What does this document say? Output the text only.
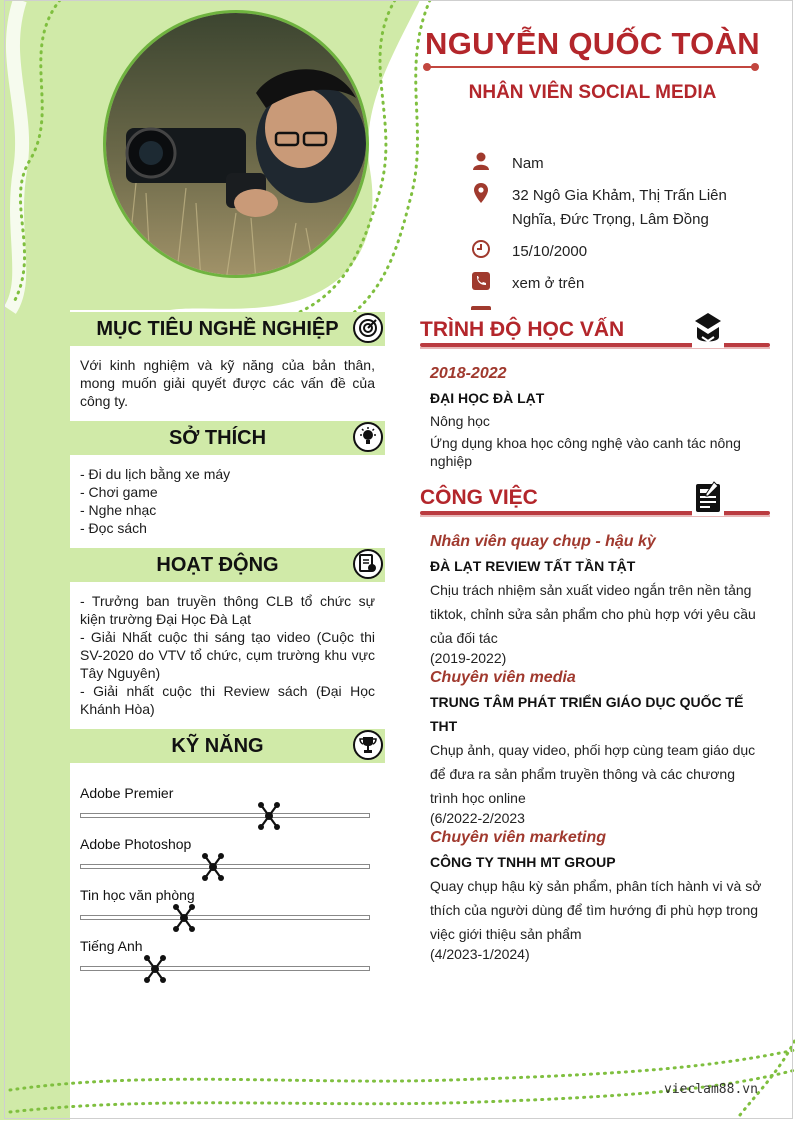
NGUYỄN QUỐC TOÀN
NHÂN VIÊN SOCIAL MEDIA
Nam
32 Ngô Gia Khảm, Thị Trấn Liên Nghĩa, Đức Trọng, Lâm Đồng
15/10/2000
xem ở trên
MỤC TIÊU NGHỀ NGHIỆP
Với kinh nghiệm và kỹ năng của bản thân, mong muốn giải quyết được các vấn đề của công ty.
SỞ THÍCH
- Đi du lịch bằng xe máy
- Chơi game
- Nghe nhạc
- Đọc sách
HOẠT ĐỘNG
- Trưởng ban truyền thông CLB tổ chức sự kiện trường Đại Học Đà Lạt
- Giải Nhất cuộc thi sáng tạo video (Cuộc thi SV-2020 do VTV tổ chức, cụm trường khu vực Tây Nguyên)
- Giải nhất cuộc thi Review sách (Đại Học Khánh Hòa)
KỸ NĂNG
Adobe Premier
Adobe Photoshop
Tin học văn phòng
Tiếng Anh
TRÌNH ĐỘ HỌC VẤN
2018-2022
ĐẠI HỌC ĐÀ LẠT
Nông học
Ứng dụng khoa học công nghệ vào canh tác nông nghiệp
CÔNG VIỆC
Nhân viên quay chụp - hậu kỳ
ĐÀ LẠT REVIEW TẤT TẦN TẬT
Chịu trách nhiệm sản xuất video ngắn trên nền tảng tiktok, chỉnh sửa sản phẩm cho phù hợp với yêu cầu của đối tác
(2019-2022)
Chuyên viên media
TRUNG TÂM PHÁT TRIỂN GIÁO DỤC QUỐC TẾ THT
Chụp ảnh, quay video, phối hợp cùng team giáo dục để đưa ra sản phẩm truyền thông và các chương trình học online
(6/2022-2/2023
Chuyên viên marketing
CÔNG TY TNHH MT GROUP
Quay chụp hậu kỳ sản phẩm, phân tích hành vi và sở thích của người dùng để tìm hướng đi phù hợp trong việc giới thiệu sản phẩm
(4/2023-1/2024)
vieclam88.vn
